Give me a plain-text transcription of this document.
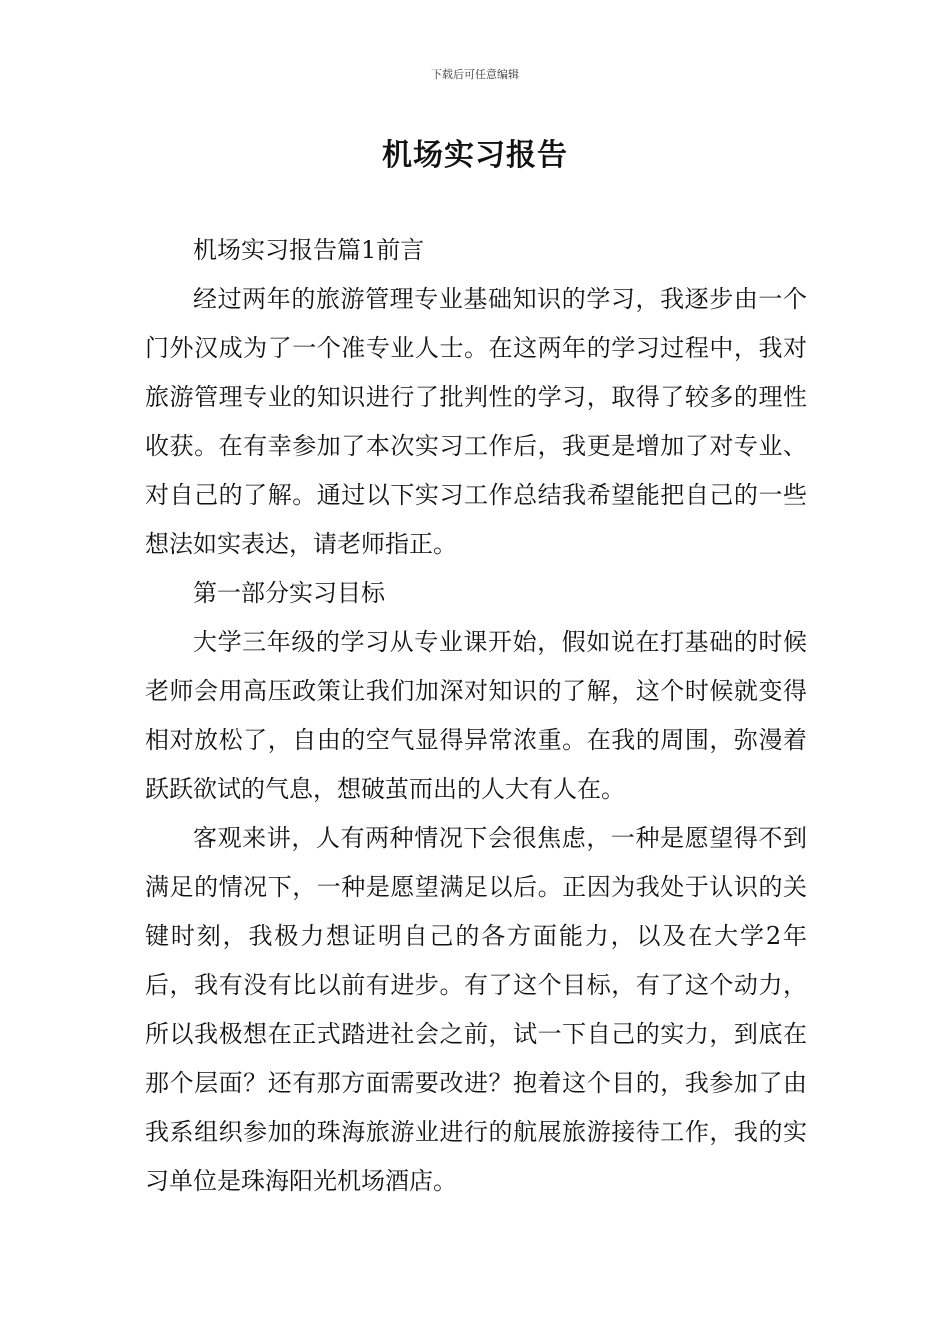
下载后可任意编辑
机场实习报告

机场实习报告篇1前言

经过两年的旅游管理专业基础知识的学习，我逐步由一个门外汉成为了一个准专业人士。在这两年的学习过程中，我对旅游管理专业的知识进行了批判性的学习，取得了较多的理性收获。在有幸参加了本次实习工作后，我更是增加了对专业、对自己的了解。通过以下实习工作总结我希望能把自己的一些想法如实表达，请老师指正。

第一部分实习目标

大学三年级的学习从专业课开始，假如说在打基础的时候老师会用高压政策让我们加深对知识的了解，这个时候就变得相对放松了，自由的空气显得异常浓重。在我的周围，弥漫着跃跃欲试的气息，想破茧而出的人大有人在。

客观来讲，人有两种情况下会很焦虑，一种是愿望得不到满足的情况下，一种是愿望满足以后。正因为我处于认识的关键时刻，我极力想证明自己的各方面能力，以及在大学2年后，我有没有比以前有进步。有了这个目标，有了这个动力，所以我极想在正式踏进社会之前，试一下自己的实力，到底在那个层面？还有那方面需要改进？抱着这个目的，我参加了由我系组织参加的珠海旅游业进行的航展旅游接待工作，我的实习单位是珠海阳光机场酒店。
